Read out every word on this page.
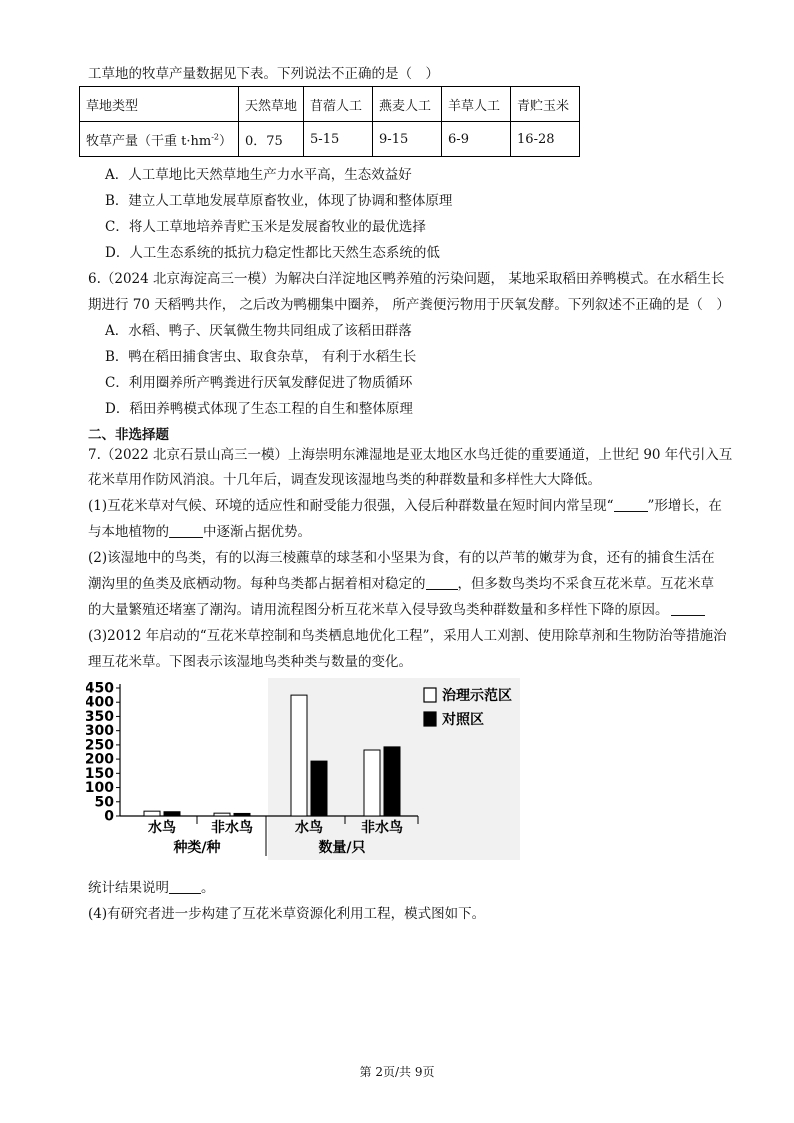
工草地的牧草产量数据见下表。下列说法不正确的是（　）
草地类型	天然草地	苜蓿人工	燕麦人工	羊草人工	青贮玉米
牧草产量（干重 $t\cdot hm^{-2}$）	0．75	5-15	9-15	6-9	16-28
A．人工草地比天然草地生产力水平高，生态效益好
B．建立人工草地发展草原畜牧业，体现了协调和整体原理
C．将人工草地培养青贮玉米是发展畜牧业的最优选择
D．人工生态系统的抵抗力稳定性都比天然生态系统的低
6.（2024 北京海淀高三一模）为解决白洋淀地区鸭养殖的污染问题， 某地采取稻田养鸭模式。在水稻生长
期进行 70 天稻鸭共作， 之后改为鸭棚集中圈养， 所产粪便污物用于厌氧发酵。下列叙述不正确的是（　）
A．水稻、鸭子、厌氧微生物共同组成了该稻田群落
B．鸭在稻田捕食害虫、取食杂草， 有利于水稻生长
C．利用圈养所产鸭粪进行厌氧发酵促进了物质循环
D．稻田养鸭模式体现了生态工程的自生和整体原理
二、非选择题
7.（2022 北京石景山高三一模）上海崇明东滩湿地是亚太地区水鸟迁徙的重要通道，上世纪 90 年代引入互
花米草用作防风消浪。十几年后，调查发现该湿地鸟类的种群数量和多样性大大降低。
(1)互花米草对气候、环境的适应性和耐受能力很强，入侵后种群数量在短时间内常呈现“	”形增长，在
与本地植物的	中逐渐占据优势。
(2)该湿地中的鸟类，有的以海三棱藨草的球茎和小坚果为食，有的以芦苇的嫩芽为食，还有的捕食生活在
潮沟里的鱼类及底栖动物。每种鸟类都占据着相对稳定的 ，但多数鸟类均不采食互花米草。互花米草
的大量繁殖还堵塞了潮沟。请用流程图分析互花米草入侵导致鸟类种群数量和多样性下降的原因。
(3)2012 年启动的“互花米草控制和鸟类栖息地优化工程”，采用人工刈割、使用除草剂和生物防治等措施治
理互花米草。下图表示该湿地鸟类种类与数量的变化。
0
50
100
150
200
250
300
350
400
450
水鸟	非水鸟	水鸟	非水鸟
种类/种	数量/只
治理示范区
对照区
统计结果说明 。
(4)有研究者进一步构建了互花米草资源化利用工程，模式图如下。
第 2页/共 9页
